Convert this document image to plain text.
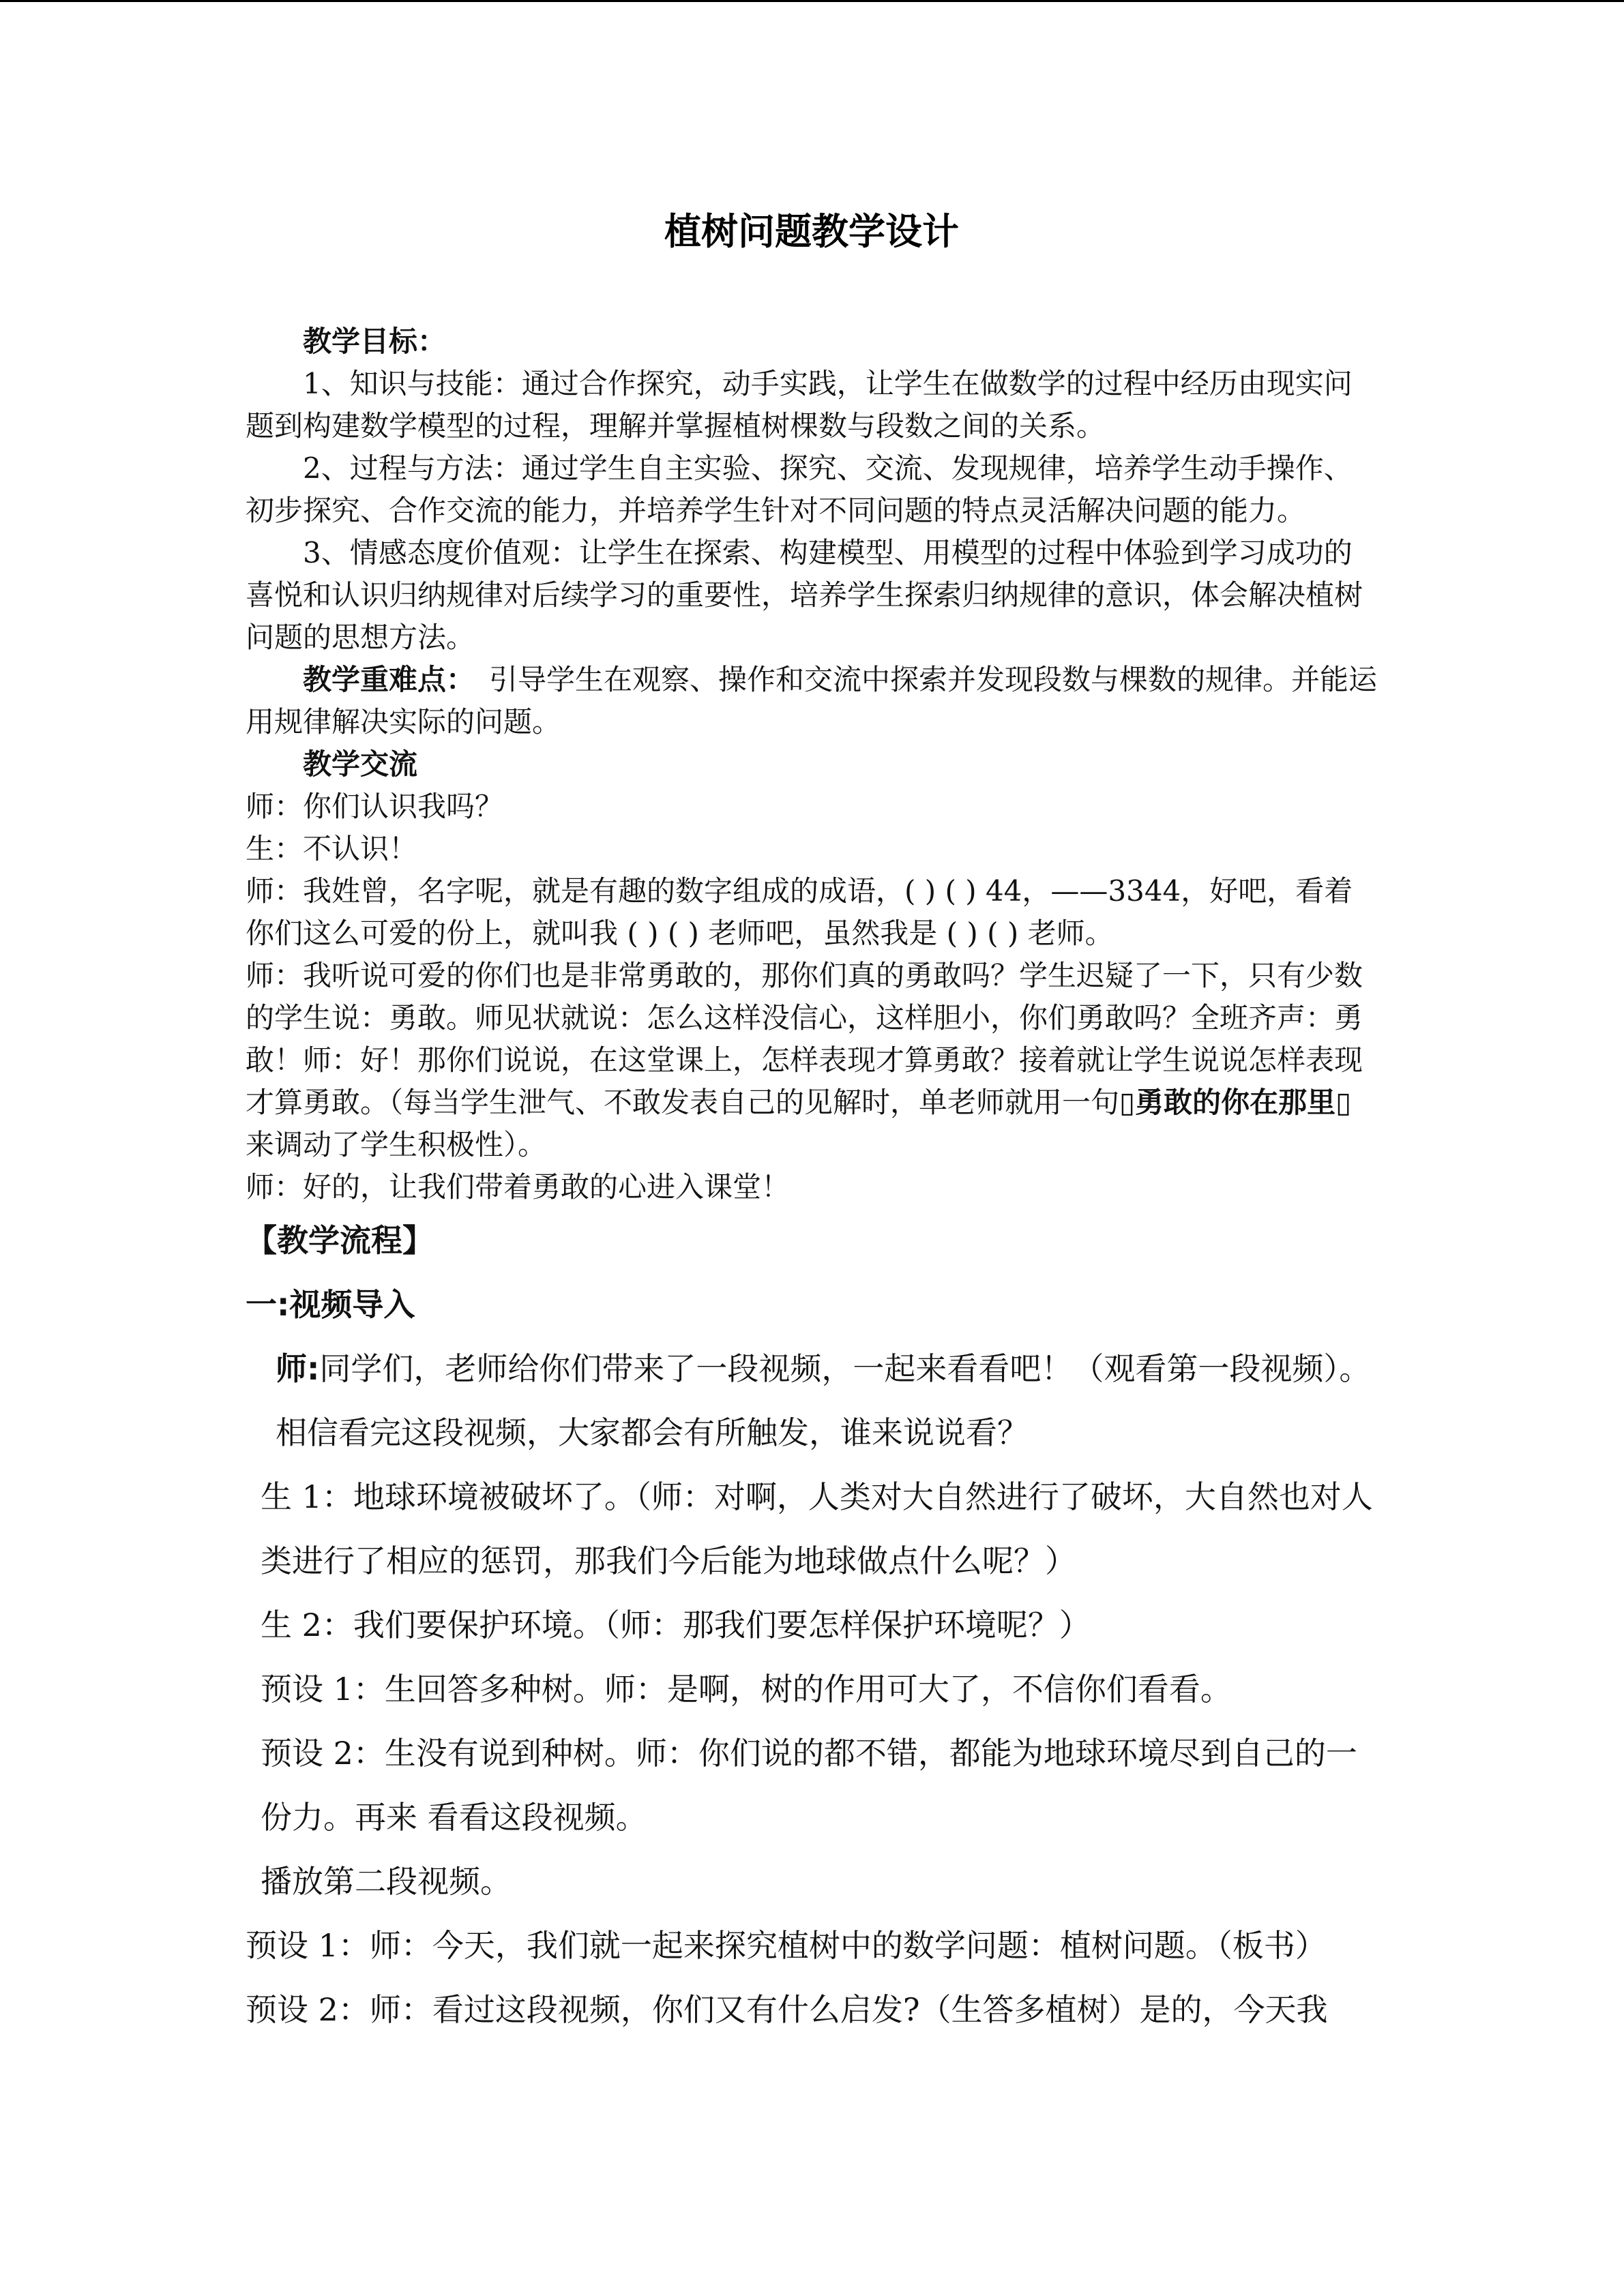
植树问题教学设计

教学目标：

1、知识与技能：通过合作探究，动手实践，让学生在做数学的过程中经历由现实问题到构建数学模型的过程，理解并掌握植树棵数与段数之间的关系。

2、过程与方法：通过学生自主实验、探究、交流、发现规律，培养学生动手操作、初步探究、合作交流的能力，并培养学生针对不同问题的特点灵活解决问题的能力。

3、情感态度价值观：让学生在探索、构建模型、用模型的过程中体验到学习成功的喜悦和认识归纳规律对后续学习的重要性，培养学生探索归纳规律的意识，体会解决植树问题的思想方法。

教学重难点：　引导学生在观察、操作和交流中探索并发现段数与棵数的规律。并能运用规律解决实际的问题。

教学交流

师：你们认识我吗？

生：不认识！

师：我姓曾，名字呢，就是有趣的数字组成的成语，( ) ( ) 44，——3344，好吧，看着你们这么可爱的份上，就叫我 ( ) ( ) 老师吧，虽然我是 ( ) ( ) 老师。

师：我听说可爱的你们也是非常勇敢的，那你们真的勇敢吗？学生迟疑了一下，只有少数的学生说：勇敢。师见状就说：怎么这样没信心，这样胆小，你们勇敢吗？全班齐声：勇敢！师：好！那你们说说，在这堂课上，怎样表现才算勇敢？接着就让学生说说怎样表现才算勇敢。（每当学生泄气、不敢发表自己的见解时，单老师就用一句▯勇敢的你在那里▯来调动了学生积极性）。

师：好的，让我们带着勇敢的心进入课堂！

【教学流程】

一:视频导入

师:同学们，老师给你们带来了一段视频，一起来看看吧！（观看第一段视频）。相信看完这段视频，大家都会有所触发，谁来说说看？

生 1：地球环境被破坏了。（师：对啊，人类对大自然进行了破坏，大自然也对人类进行了相应的惩罚，那我们今后能为地球做点什么呢？）

生 2：我们要保护环境。（师：那我们要怎样保护环境呢？）

预设 1：生回答多种树。师：是啊，树的作用可大了，不信你们看看。

预设 2：生没有说到种树。师：你们说的都不错，都能为地球环境尽到自己的一份力。再来 看看这段视频。

播放第二段视频。

预设 1：师：今天，我们就一起来探究植树中的数学问题：植树问题。（板书）

预设 2：师：看过这段视频，你们又有什么启发?（生答多植树）是的，今天我
